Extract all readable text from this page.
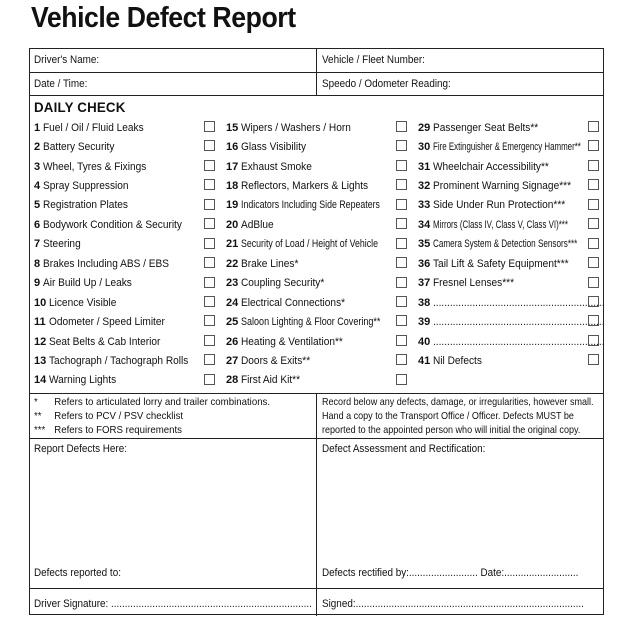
Vehicle Defect Report
Driver's Name:	Vehicle / Fleet Number:
Date / Time:	Speedo / Odometer Reading:
DAILY CHECK
1 Fuel / Oil / Fluid Leaks
2 Battery Security
3 Wheel, Tyres & Fixings
4 Spray Suppression
5 Registration Plates
6 Bodywork Condition & Security
7 Steering
8 Brakes Including ABS / EBS
9 Air Build Up / Leaks
10 Licence Visible
11 Odometer / Speed Limiter
12 Seat Belts & Cab Interior
13 Tachograph / Tachograph Rolls
14 Warning Lights
15 Wipers / Washers / Horn
16 Glass Visibility
17 Exhaust Smoke
18 Reflectors, Markers & Lights
19 Indicators Including Side Repeaters
20 AdBlue
21 Security of Load / Height of Vehicle
22 Brake Lines*
23 Coupling Security*
24 Electrical Connections*
25 Saloon Lighting & Floor Covering**
26 Heating & Ventilation**
27 Doors & Exits**
28 First Aid Kit**
29 Passenger Seat Belts**
30 Fire Extinguisher & Emergency Hammer**
31 Wheelchair Accessibility**
32 Prominent Warning Signage***
33 Side Under Run Protection***
34 Mirrors (Class IV, Class V, Class VI)***
35 Camera System & Detection Sensors***
36 Tail Lift & Safety Equipment***
37 Fresnel Lenses***
38 .............................................................
39 .............................................................
40 .............................................................
41 Nil Defects
* Refers to articulated lorry and trailer combinations.
** Refers to PCV / PSV checklist
*** Refers to FORS requirements
Record below any defects, damage, or irregularities, however small.
Hand a copy to the Transport Office / Officer. Defects MUST be
reported to the appointed person who will initial the original copy.
Report Defects Here:	Defect Assessment and Rectification:
Defects reported to:	Defects rectified by:......................... Date:...........................
Driver Signature: ......................................................................... Signed:...................................................................................
